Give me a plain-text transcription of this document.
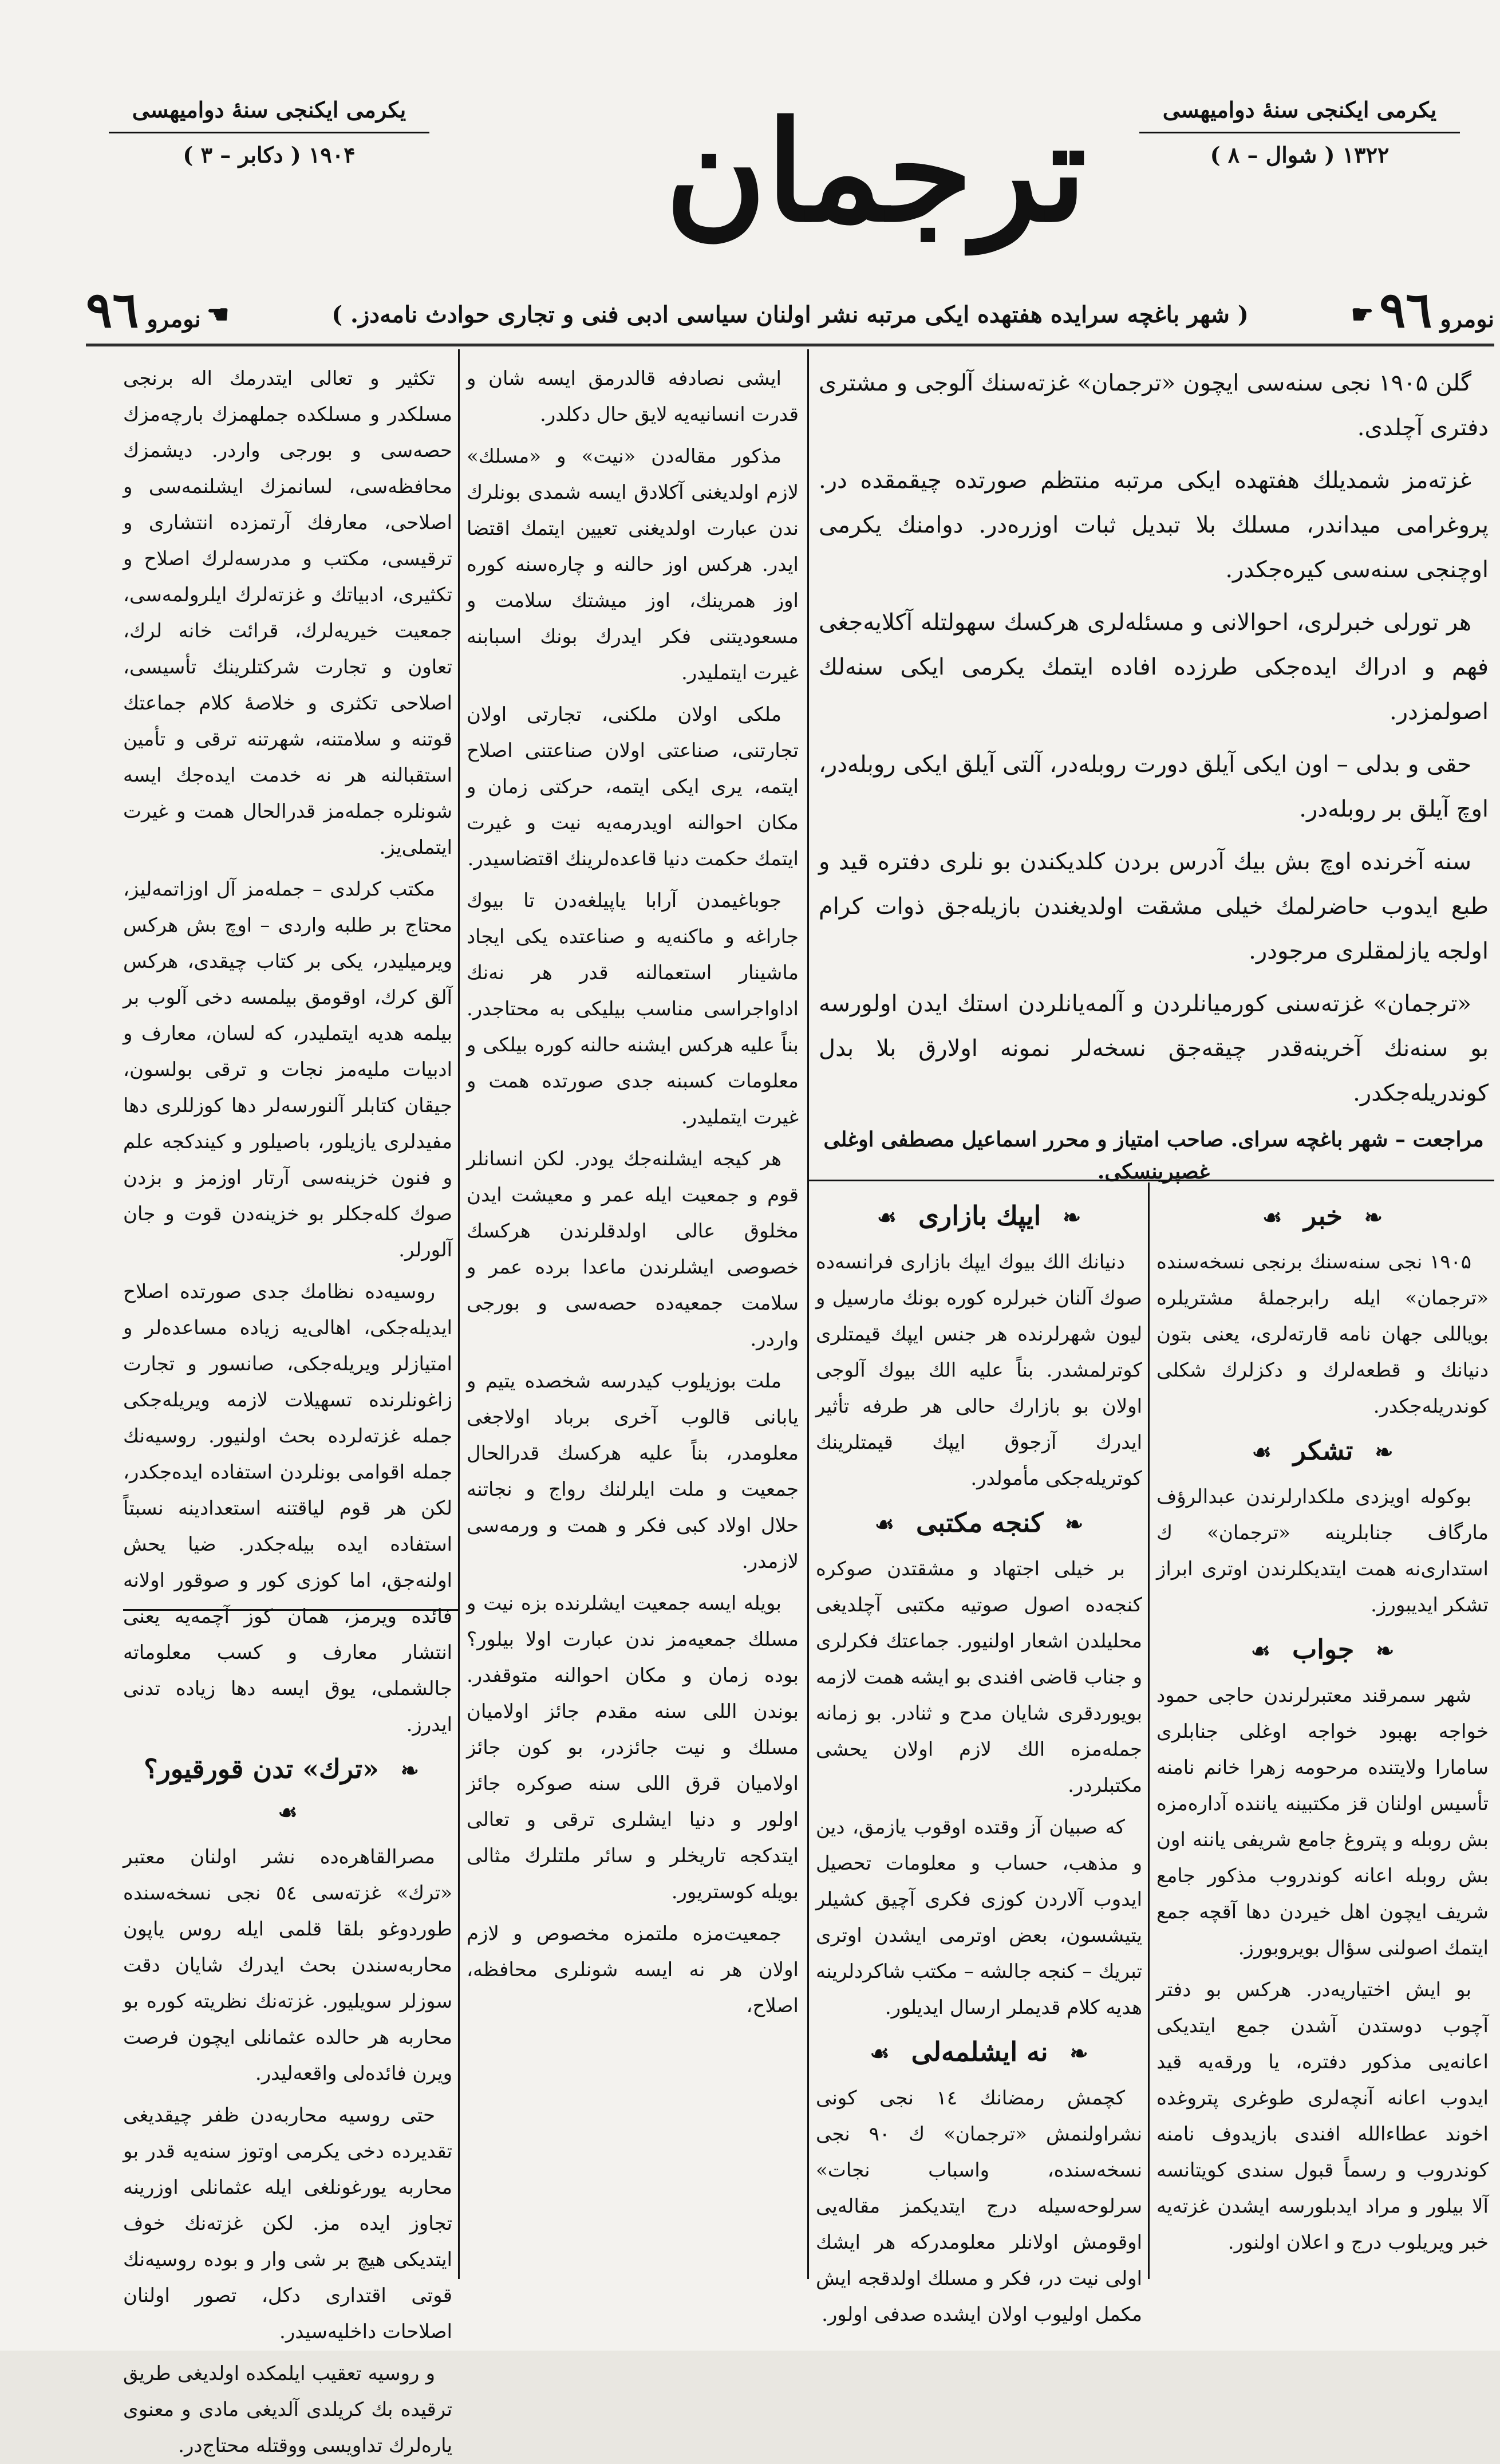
یكرمی ایكنجی سنهٔ دوامیهسی
۱۹۰۴ ( دكابر – ۳ )	ترجمان	یكرمی ایكنجی سنهٔ دوامیهسی
۱۳۲۲ ( شوال – ۸ )
نومرو ۹٦
☛
( شهر باغچه سرایده هفتهده ایكی مرتبه نشر اولنان سیاسی ادبی فنی و تجاری حوادث نامه‌دز. )
☚
نومرو ۹٦

گلن ۱۹۰۵ نجی سنه‌سی ایچون «ترجمان» غزته‌سنك آلوجی و مشتری دفتری آچلدی.

غزته‌مز شمدیلك هفتهده ایكی مرتبه منتظم صورتده چیقمقده در. پروغرامی میداندر، مسلك بلا تبدیل ثبات اوزره‌در. دوامنك یكرمی اوچنجی سنه‌سی كیره‌جكدر.

هر تورلی خبرلری، احوالانی و مسئله‌لری هركسك سهولتله آكلایه‌جغی فهم و ادراك ایده‌جكی طرزده افاده ایتمك یكرمی ایكی سنه‌لك اصولمزدر.

حقی و بدلی – اون ایكی آیلق دورت روبله‌در، آلتی آیلق ایكی روبله‌در، اوچ آیلق بر روبله‌در.

سنه آخرنده اوچ بش بیك آدرس بردن كلدیكندن بو نلری دفتره قید و طبع ایدوب حاضرلمك خیلی مشقت اولدیغندن بازیله‌جق ذوات كرام اولجه یازلمقلری مرجودر.

«ترجمان» غزته‌سنی كورمیانلردن و آلمه‌یانلردن استك ایدن اولورسه بو سنه‌نك آخرینه‌قدر چیقه‌جق نسخه‌لر نمونه اولارق بلا بدل كوندریله‌جكدر.

مراجعت – شهر باغچه سرای. صاحب امتیاز و محرر اسماعیل مصطفی اوغلی غصپرینسكی.

تكثیر و تعالی ایتدرمك اله برنجی مسلكدر و مسلكده جملهمزك بارچه‌مزك حصه‌سی و بورجی واردر. دیشمزك محافظه‌سی، لسانمزك ایشلنمه‌سی و اصلاحی، معارفك آرتمزده انتشاری و ترقیسی، مكتب و مدرسه‌لرك اصلاح و تكثیری، ادبیاتك و غزته‌لرك ایلرولمه‌سی، جمعیت خیریه‌لرك، قرائت خانه لرك، تعاون و تجارت شركتلرینك تأسیسی، اصلاحی تكثری و خلاصهٔ كلام جماعتك قوتنه و سلامتنه، شهرتنه ترقی و تأمین استقبالنه هر نه خدمت ایده‌جك ایسه شونلره جمله‌مز قدرالحال همت و غیرت ایتملی‌یز.

مكتب كرلدی – جمله‌مز آل اوزاتمه‌لیز، محتاج بر طلبه واردی – اوچ بش هركس ویرمیلیدر، یكی بر كتاب چیقدی، هركس آلق كرك، اوقومق بیلمسه دخی آلوب بر بیلمه هدیه ایتملیدر، كه لسان، معارف و ادبیات ملیه‌مز نجات و ترقی بولسون، جیقان كتابلر آلنورسه‌لر دها كوزللری دها مفیدلری یازیلور، باصیلور و كیندكجه علم و فنون خزینه‌سی آرتار اوزمز و بزدن صوك كله‌جكلر بو خزینه‌دن قوت و جان آلورلر.

روسیه‌ده نظامك جدی صورتده اصلاح ایدیله‌جكی، اهالی‌یه زیاده مساعده‌لر و امتیازلر ویریله‌جكی، صانسور و تجارت زاغونلرنده تسهیلات لازمه ویریله‌جكی جمله غزته‌لرده بحث اولنیور. روسیه‌نك جمله اقوامی بونلردن استفاده ایده‌جكدر، لكن هر قوم لیاقتنه استعدادینه نسبتاً استفاده ایده بیله‌جكدر. ضیا یحش اولنه‌جق، اما كوزی كور و صوقور اولانه فائده ویرمز، همان كوز آچمه‌یه یعنی انتشار معارف و كسب معلوماته جالشملی، یوق ایسه دها زیاده تدنی ایدرز.

❧ «ترك» تدن قورقیور؟ ☙

مصرالقاهره‌ده نشر اولنان معتبر «ترك» غزته‌سی ٥٤ نجی نسخه‌سنده طوردوغو بلقا قلمی ایله روس یاپون محاربه‌سندن بحث ایدرك شایان دقت سوزلر سویلیور. غزته‌نك نظریته كوره بو محاربه هر حالده عثمانلی ایچون فرصت ویرن فائده‌لی واقعه‌لیدر.

حتی روسیه محاربه‌دن ظفر چیقدیغی تقدیرده دخی یكرمی اوتوز سنه‌یه قدر بو محاربه یورغونلغی ایله عثمانلی اوزرینه تجاوز ایده مز. لكن غزته‌نك خوف ایتدیكی هیچ بر شی وار و بوده روسیه‌نك قوتی اقتداری دكل، تصور اولنان اصلاحات داخلیه‌سیدر.

و روسیه تعقیب ایلمكده اولدیغی طریق ترقیده بك كریلدی آلدیغی مادی و معنوی یاره‌لرك تداویسی ووقتله محتاج‌در.

ایشی نصادفه قالدرمق ایسه شان و قدرت انسانیه‌یه لایق حال دكلدر.

مذكور مقاله‌دن «نیت» و «مسلك» لازم اولدیغنی آكلادق ایسه شمدی بونلرك ندن عبارت اولدیغنی تعیین ایتمك اقتضا ایدر. هركس اوز حالنه و چاره‌سنه كوره اوز همرینك، اوز میشتك سلامت و مسعودیتنی فكر ایدرك بونك اسبابنه غیرت ایتملیدر.

ملكی اولان ملكنی، تجارتی اولان تجارتنی، صناعتی اولان صناعتنی اصلاح ایتمه، یری ایكی ایتمه، حركتی زمان و مكان احوالنه اویدرمه‌یه نیت و غیرت ایتمك حكمت دنیا قاعده‌لرینك اقتضاسیدر.

جوباغیمدن آرابا یاپیلغه‌دن تا بیوك جاراغه و ماكنه‌یه و صناعتده یكی ایجاد ماشینار استعمالنه قدر هر نه‌نك اداواجراسی مناسب بیلیكی به محتاجدر. بناً علیه هركس ایشنه حالنه كوره بیلكی و معلومات كسبنه جدی صورتده همت و غیرت ایتملیدر.

هر كیجه ایشلنه‌جك یودر. لكن انسانلر قوم و جمعیت ایله عمر و معیشت ایدن مخلوق عالی اولدقلرندن هركسك خصوصی ایشلرندن ماعدا برده عمر و سلامت جمعیه‌ده حصه‌سی و بورجی واردر.

ملت بوزیلوب كیدرسه شخصده یتیم و یابانی قالوب آخری برباد اولاجغی معلومدر، بناً علیه هركسك قدرالحال جمعیت و ملت ایلرلنك رواج و نجاتنه حلال اولاد كبی فكر و همت و ورمه‌سی لازمدر.

بویله ایسه جمعیت ایشلرنده بزه نیت و مسلك جمعیه‌مز ندن عبارت اولا بیلور؟ بوده زمان و مكان احوالنه متوقفدر. بوندن اللی سنه مقدم جائز اولامیان مسلك و نیت جائزدر، بو كون جائز اولامیان قرق اللی سنه صوكره جائز اولور و دنیا ایشلری ترقی و تعالی ایتدكجه تاریخلر و سائر ملتلرك مثالی بویله كوستریور.

جمعیت‌مزه ملتمزه مخصوص و لازم اولان هر نه ایسه شونلری محافظه، اصلاح،

❧ ایپك بازاری ☙

دنیانك الك بیوك ایپك بازاری فرانسه‌ده صوك آلنان خبرلره كوره بونك مارسیل و لیون شهرلرنده هر جنس ایپك قیمتلری كوترلمشدر. بناً علیه الك بیوك آلوجی اولان بو بازارك حالی هر طرفه تأثیر ایدرك آزجوق ایپك قیمتلرینك كوتریله‌جكی مأمولدر.

❧ كنجه مكتبی ☙

بر خیلی اجتهاد و مشقتدن صوكره كنجه‌ده اصول صوتیه مكتبی آچلدیغی محلیلدن اشعار اولنیور. جماعتك فكرلری و جناب قاضی افندی بو ایشه همت لازمه بویوردقری شایان مدح و ثنادر. بو زمانه جمله‌مزه الك لازم اولان یحشی مكتبلردر.

كه صبیان آز وقتده اوقوب یازمق، دین و مذهب، حساب و معلومات تحصیل ایدوب آلاردن كوزی فكری آچیق كشیلر یتیشسون، بعض اوترمی ایشدن اوتری تبریك – كنجه جالشه – مكتب شاكردلرینه هدیه كلام قدیملر ارسال ایدیلور.

❧ نه ایشلمه‌لی ☙

كچمش رمضانك ١٤ نجی كونی نشراولنمش «ترجمان» ك ٩٠ نجی نسخه‌سنده، واسباب نجات» سرلوحه‌سیله درج ایتدیكمز مقاله‌یی اوقومش اولانلر معلومدركه هر ایشك اولی نیت در، فكر و مسلك اولدقجه ایش مكمل اولیوب اولان ایشده صدفی اولور.

❧ خبر ☙

۱۹۰۵ نجی سنه‌سنك برنجی نسخه‌سنده «ترجمان» ایله رابرجملهٔ مشتریلره بویاللی جهان نامه قارته‌لری، یعنی بتون دنیانك و قطعه‌لرك و دكزلرك شكلی كوندریله‌جكدر.

❧ تشكر ☙

بوكوله اویزدی ملكدارلرندن عبدالرؤف مارگاف جنابلرینه «ترجمان» ك استداری‌نه همت ایتدیكلرندن اوتری ابراز تشكر ایدیبورز.

❧ جواب ☙

شهر سمرقند معتبرلرندن حاجی حمود خواجه بهبود خواجه اوغلی جنابلری سامارا ولایتنده مرحومه زهرا خانم نامنه تأسیس اولنان قز مكتبینه یاننده آداره‌مزه بش روبله و پتروغ جامع شریفی یاننه اون بش روبله اعانه كوندروب مذكور جامع شریف ایچون اهل خیردن دها آقچه جمع ایتمك اصولنی سؤال بویروبورز.

بو ایش اختیاریه‌در. هركس بو دفتر آچوب دوستدن آشدن جمع ایتدیكی اعانه‌یی مذكور دفتره، یا ورقه‌یه قید ایدوب اعانه آنچه‌لری طوغری پتروغده اخوند عطاءالله افندی بازیدوف نامنه كوندروب و رسماً قبول سندی كویتانسه آلا بیلور و مراد ایدبلورسه ایشدن غزته‌یه خبر ویریلوب درج و اعلان اولنور.
